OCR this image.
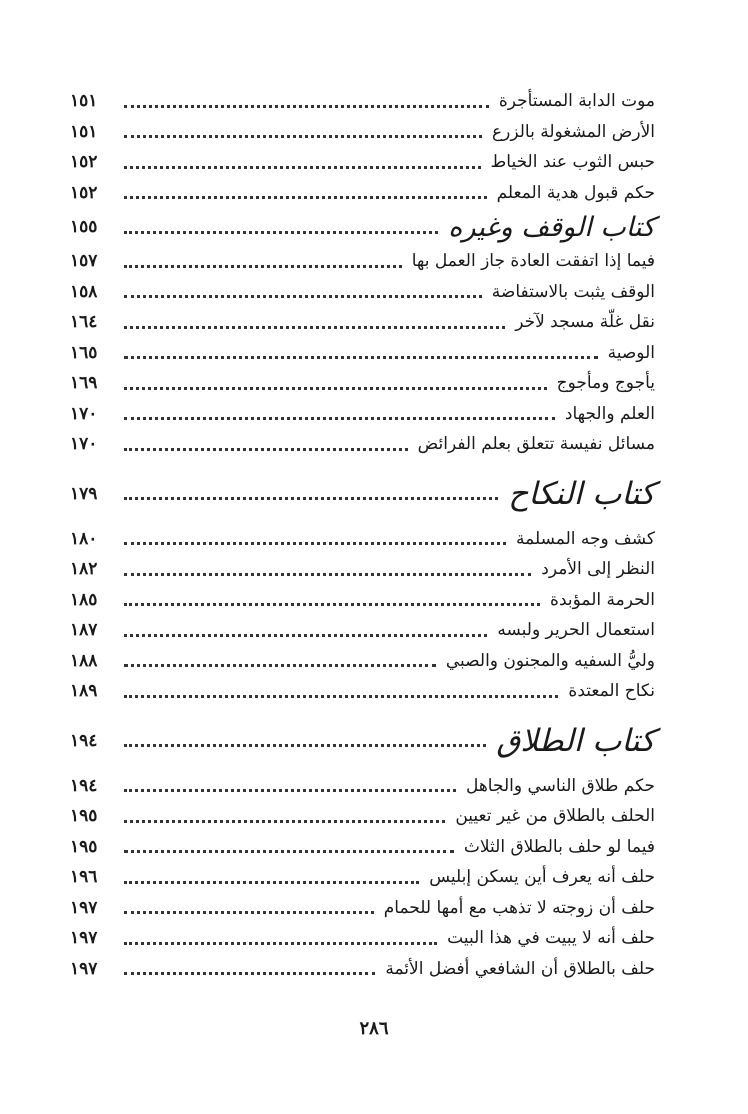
موت الدابة المستأجرة
١٥١
الأرض المشغولة بالزرع
١٥١
حبس الثوب عند الخياط
١٥٢
حكم قبول هدية المعلم
١٥٢
كتاب الوقف وغيره
١٥٥
فيما إذا اتفقت العادة جاز العمل بها
١٥٧
الوقف يثبت بالاستفاضة
١٥٨
نقل غلّة مسجد لآخر
١٦٤
الوصية
١٦٥
يأجوج ومأجوج
١٦٩
العلم والجهاد
١٧٠
مسائل نفيسة تتعلق بعلم الفرائض
١٧٠
كتاب النكاح
١٧٩
كشف وجه المسلمة
١٨٠
النظر إلى الأمرد
١٨٢
الحرمة المؤبدة
١٨٥
استعمال الحرير ولبسه
١٨٧
وليُّ السفيه والمجنون والصبي
١٨٨
نكاح المعتدة
١٨٩
كتاب الطلاق
١٩٤
حكم طلاق الناسي والجاهل
١٩٤
الحلف بالطلاق من غير تعيين
١٩٥
فيما لو حلف بالطلاق الثلاث
١٩٥
حلف أنه يعرف أين يسكن إبليس
١٩٦
حلف أن زوجته لا تذهب مع أمها للحمام
١٩٧
حلف أنه لا يبيت في هذا البيت
١٩٧
حلف بالطلاق أن الشافعي أفضل الأئمة
١٩٧
٢٨٦
